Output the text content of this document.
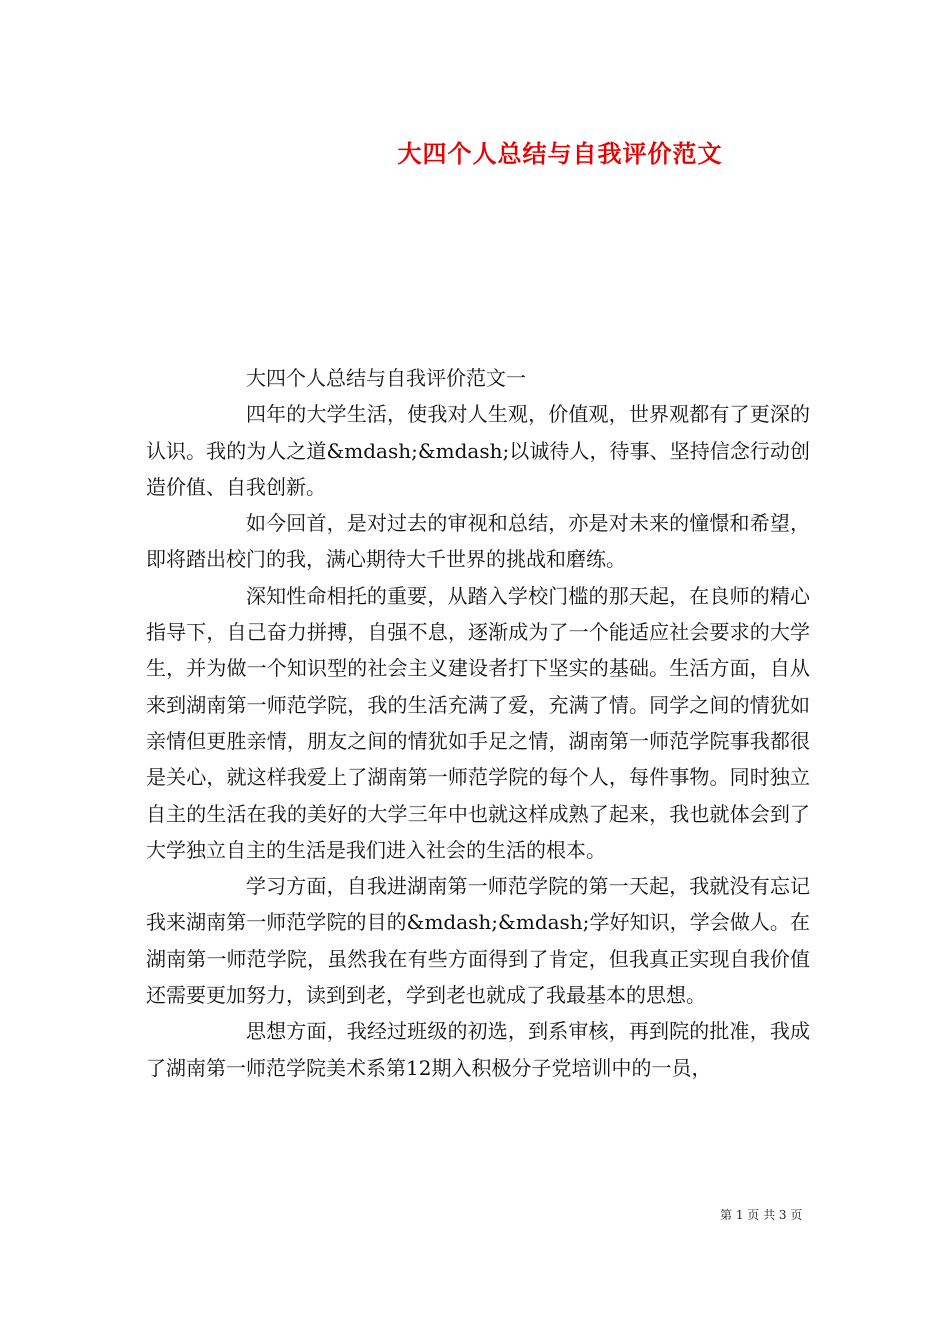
大四个人总结与自我评价范文

大四个人总结与自我评价范文一

四年的大学生活，使我对人生观，价值观，世界观都有了更深的认识。我的为人之道&mdash;&mdash;以诚待人，待事、坚持信念行动创造价值、自我创新。

如今回首，是对过去的审视和总结，亦是对未来的憧憬和希望，即将踏出校门的我，满心期待大千世界的挑战和磨练。

深知性命相托的重要，从踏入学校门槛的那天起，在良师的精心指导下，自己奋力拼搏，自强不息，逐渐成为了一个能适应社会要求的大学生，并为做一个知识型的社会主义建设者打下坚实的基础。生活方面，自从来到湖南第一师范学院，我的生活充满了爱，充满了情。同学之间的情犹如亲情但更胜亲情，朋友之间的情犹如手足之情，湖南第一师范学院事我都很是关心，就这样我爱上了湖南第一师范学院的每个人，每件事物。同时独立自主的生活在我的美好的大学三年中也就这样成熟了起来，我也就体会到了大学独立自主的生活是我们进入社会的生活的根本。

学习方面，自我进湖南第一师范学院的第一天起，我就没有忘记我来湖南第一师范学院的目的&mdash;&mdash;学好知识，学会做人。在湖南第一师范学院，虽然我在有些方面得到了肯定，但我真正实现自我价值还需要更加努力，读到到老，学到老也就成了我最基本的思想。

思想方面，我经过班级的初选，到系审核，再到院的批准，我成了湖南第一师范学院美术系第12期入积极分子党培训中的一员，

第 1 页 共 3 页
